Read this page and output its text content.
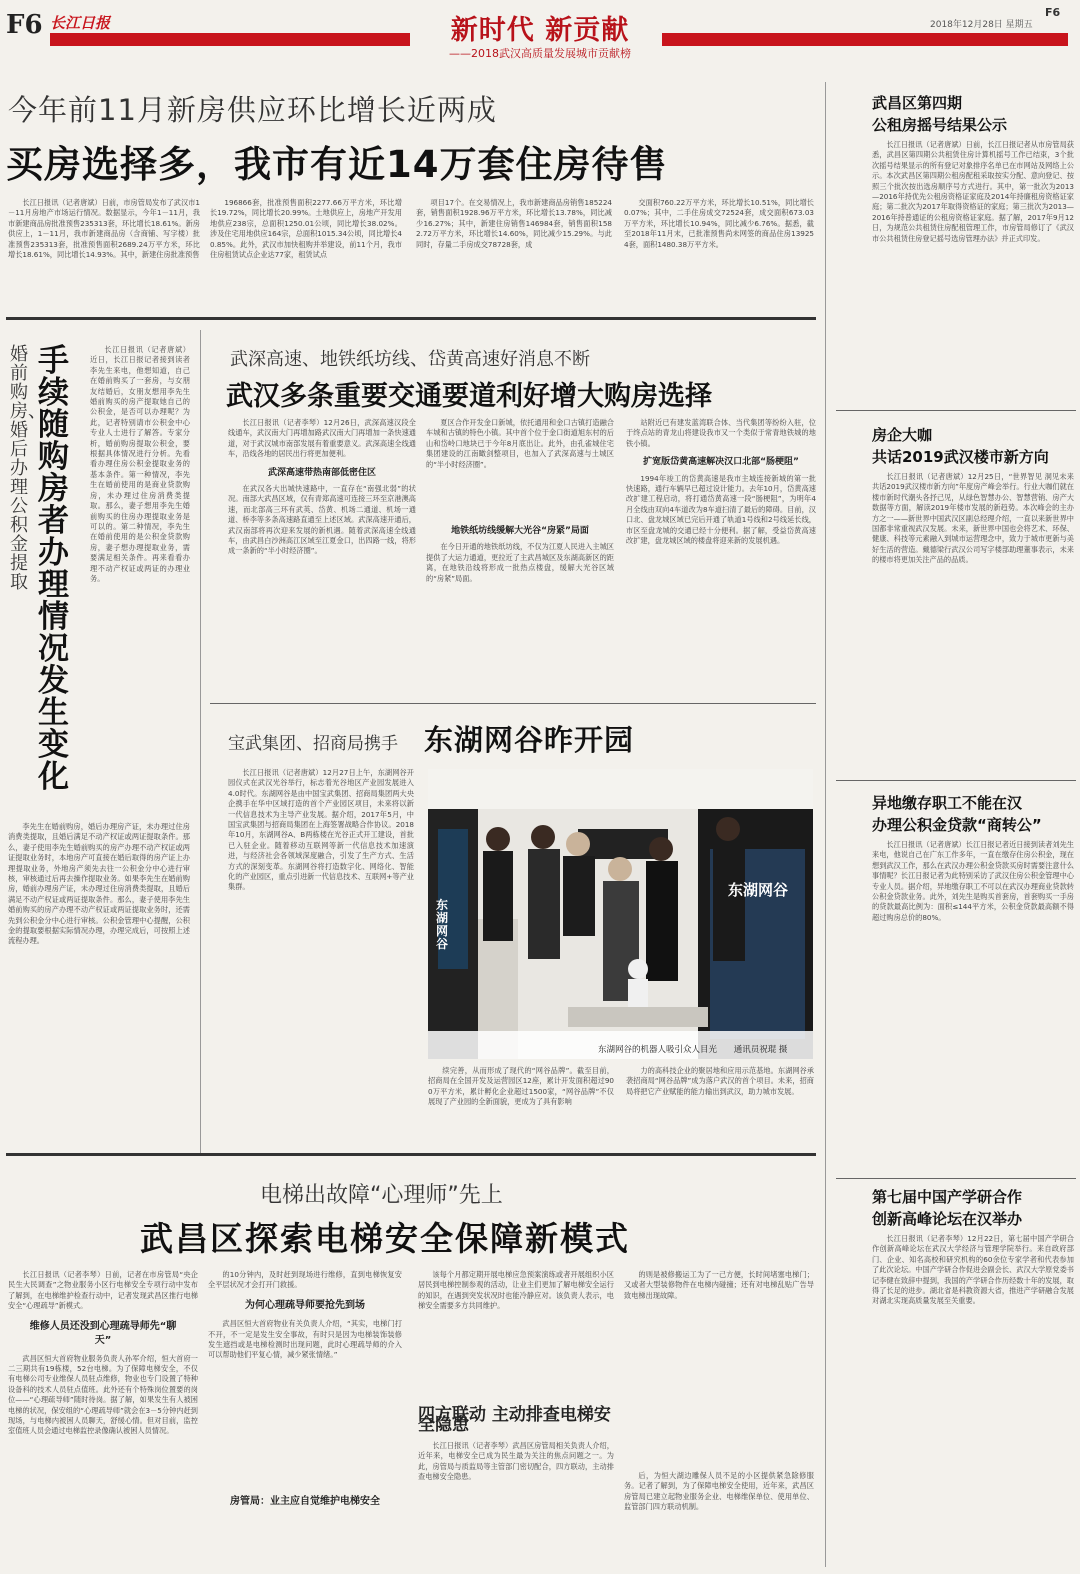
F6 长江日报	新时代 新贡献
——2018武汉高质量发展城市贡献榜
2018年12月28日 星期五
F6
今年前11月新房供应环比增长近两成
买房选择多，我市有近14万套住房待售

长江日报讯（记者唐斌）日前，市房管局发布了武汉市1－11月房地产市场运行情况。数据显示，今年1－11月，我市新建商品房批准预售235313套，环比增长18.61%。新房供应上，1－11月，我市新建商品房（含商铺、写字楼）批准预售235313套，批准预售面积2689.24万平方米，环比增长18.61%，同比增长14.93%。其中，新建住房批准预售

196866套，批准预售面积2277.66万平方米，环比增长19.72%，同比增长20.99%。土地供应上，房地产开发用地供应238宗，总面积1250.01公顷，同比增长38.02%。涉及住宅用地供应164宗，总面积1015.34公顷，同比增长40.85%。此外，武汉市加快租购并举建设，前11个月，我市住房租赁试点企业达77家，租赁试点

项目17个。在交易情况上，我市新建商品房销售185224套，销售面积1928.96万平方米，环比增长13.78%，同比减少16.27%；其中，新建住房销售146984套，销售面积1582.72万平方米，环比增长14.60%，同比减少15.29%。与此同时，存量二手房成交78728套，成

交面积760.22万平方米，环比增长10.51%，同比增长0.07%；其中，二手住房成交72524套，成交面积673.03万平方米，环比增长10.94%，同比减少6.76%。据悉，截至2018年11月末，已批准预售尚未网签的商品住房139254套，面积1480.38万平方米。

婚前购房、婚后办理公积金提取
手续随购房者办理情况发生变化

长江日报讯（记者唐斌）近日，长江日报记者接到读者李先生来电，他想知道，自己在婚前购买了一套房，与女朋友结婚后，女朋友想用李先生婚前购买的房产提取她自己的公积金，是否可以办理呢？为此，记者特别请市公积金中心专业人士进行了解答。专家分析，婚前购房提取公积金，要根据具体情况进行分析。先看看办理住房公积金提取业务的基本条件。第一种情况，李先生在婚前使用的是商业贷款购房，未办理过住房消费类提取。那么，妻子想用李先生婚前购买的住房办理提取业务是可以的。第二种情况，李先生在婚前使用的是公积金贷款购房，妻子想办理提取业务，需要满足相关条件。再来看看办理不动产权证或两证的办理业务。

李先生在婚前购房，婚后办理房产证，未办理过住房消费类提取，且婚后满足不动产权证或两证提取条件。那么，妻子使用李先生婚前购买的房产办理不动产权证或两证提取业务时，本地房产可直接在婚后取得的房产证上办理提取业务，外地房产须先去往一公积金分中心进行审核，审核通过后再去操作提取业务。如果李先生在婚前购房，婚前办理房产证，未办理过住房消费类提取，且婚后满足不动产权证或两证提取条件。那么，妻子使用李先生婚前购买的房产办理不动产权证或两证提取业务时，还需先到公积金分中心进行审核。公积金管理中心提醒，公积金的提取要根据实际情况办理，办理完成后，可按照上述流程办理。

武深高速、地铁纸坊线、岱黄高速好消息不断
武汉多条重要交通要道利好增大购房选择

长江日报讯（记者李琴）12月26日，武深高速汉段全线通车，武汉南大门再增加路武汉南大门再增加一条快速通道，对于武汉城市南部发展有着重要意义。武深高速全线通车，沿线各地的居民出行将更加便利。

武深高速带热南部低密住区

在武汉各大出城快速路中，一直存在“南强北弱”的状况。南部大武昌区域，仅有青郑高速可连接三环至京港澳高速，而北部高三环有武英、岱黄、机场二通道、机场一通道、桥李等多条高速路直通至上述区域。武深高速开通后，武汉南部将再次迎来发展的新机遇。随着武深高速全线通车，由武昌白沙洲高江区域至江夏金口，出四路一线，将形成一条新的“半小时经济圈”。

夏区合作开发金口新城，依托通用和金口古镇打造融合车城和古镇的特色小镇。其中首个位于金口街道旭东村的后山和岱岭口地块已于今年8月底出让。此外，由孔雀城住宅集团建设的江南瞰剑整项目，也加入了武深高速与土城区的“半小时经济圈”。

地铁纸坊线缓解大光谷“房紧”局面

在今日开通的地铁纸坊线，不仅为江夏人民进入主城区提供了大运力通道，更拉近了主武昌城区及东湖高新区的距离，在地铁沿线将形成一批热点楼盘，缓解大光谷区域的“房紧”局面。

站附近已有建发蓝湾联合体、当代集团等纷纷入驻，位于终点站的青龙山将建设我市又一个类似于常青地铁城的地铁小镇。

扩宽版岱黄高速解决汉口北部“肠梗阻”

1994年竣工的岱黄高速是我市主城连接新城的第一批快速路，通行车辆早已超过设计能力。去年10月，岱黄高速改扩建工程启动，将打通岱黄高速一段“肠梗阻”，为明年4月全线由双向4车道改为8车道扫清了最后的障碍。目前，汉口北、盘龙城区域已完后开通了轨道1号线和2号线延长线，市区至盘龙城的交通已经十分便利。据了解，受益岱黄高速改扩建，盘龙城区域的楼盘将迎来新的发展机遇。

宝武集团、招商局携手 东湖网谷昨开园

长江日报讯（记者唐斌）12月27日上午，东湖网谷开园仪式在武汉光谷举行，标志着光谷地区产业园发展进入4.0时代。东湖网谷是由中国宝武集团、招商局集团两大央企携手在华中区域打造的首个产业园区项目，未来将以新一代信息技术为主导产业发展。据介绍，2017年5月，中国宝武集团与招商局集团在上海签署战略合作协议。2018年10月，东湖网谷A、B两栋楼在光谷正式开工建设，首批已入驻企业。随着移动互联网等新一代信息技术加速演进，与经济社会各领域深度融合，引发了生产方式、生活方式的深刻变革。东湖网谷将打造数字化、网络化、智能化的产业园区，重点引进新一代信息技术、互联网+等产业集群。

东湖网谷
东湖网谷
东湖网谷的机器人吸引众人目光 通讯员祝琨 摄

续完善，从而形成了现代的“网谷品牌”。截至目前，招商局在全国开发及运营园区12座，累计开发面积超过900万平方米，累计孵化企业超过1500家，“网谷品牌”不仅展现了产业园的全新面貌，更成为了具有影响

力的高科技企业的聚居地和应用示范基地。东湖网谷承袭招商局“网谷品牌”成为落户武汉的首个项目。未来，招商局将把它产业赋能的能力输出到武汉，助力城市发展。

电梯出故障“心理师”先上
武昌区探索电梯安全保障新模式

长江日报讯（记者李琴）日前，记者在市房管局“央企民生大民调查”之物业服务小区行电梯安全专项行动中发布了解到，在电梯维护检查行动中，记者发现武昌区推行电梯安全“心理疏导”新模式。

维修人员还没到心理疏导师先“聊天”

武昌区恒大首府物业服务负责人孙军介绍，恒大首府一二三期共有19栋楼，52台电梯。为了保障电梯安全，不仅有电梯公司专业维保人员驻点维修，物业也专门设置了特种设备科的技术人员驻点值班。此外还有个特殊岗位置要的岗位——“心理疏导师”随时待岗。据了解，如果发生有人被困电梯的状况，保安组的“心理疏导师”就会在3－5分钟内赶到现场，与电梯内被困人员聊天，舒缓心情。但对目前，监控室值班人员会通过电梯监控录像确认被困人员情况。

的10分钟内，及时赶到现场进行维修，直到电梯恢复安全平层状况才会打开门救援。

为何心理疏导师要抢先到场

武昌区恒大首府物业有关负责人介绍，“其实，电梯门打不开，不一定是发生安全事故，有时只是因为电梯装饰装修发生遮挡或是电梯检测时出现问题，此时心理疏导师的介入可以帮助他们平复心情，减少紧张情绪。”

房管局：业主应自觉维护电梯安全

该每个月都定期开展电梯应急预案演练或者开展组织小区居民到电梯控制参观的活动，让业主们更加了解电梯安全运行的知识，在遇到突发状况时也能冷静应对。该负责人表示，电梯安全需要多方共同维护。

四方联动 主动排查电梯安全隐患

长江日报讯（记者李琴）武昌区房管局相关负责人介绍，近年来，电梯安全已成为民生最为关注的焦点问题之一。为此，房管局与质监局等主管部门密切配合，四方联动，主动排查电梯安全隐患。

的则是被修搬运工为了一己方便，长时间堵塞电梯门；又或者大型装修物件在电梯内碰撞；还有对电梯乱贴广告导致电梯出现故障。

后，为恒大湖边雕保人员不足的小区提供紧急除修服务。记者了解到，为了保障电梯安全使用，近年来，武昌区房管局已建立起物业服务企业、电梯维保单位、使用单位、监管部门四方联动机制。

武昌区第四期
公租房摇号结果公示

长江日报讯（记者唐斌）日前，长江日报记者从市房管局获悉，武昌区第四期公共租赁住房计算机摇号工作已结束，3个批次摇号结果显示的所有登记对象排序名单已在市网站及网络上公示。本次武昌区第四期公租房配租采取按实分配、意向登记、按照三个批次按出选房顺序号方式进行。其中，第一批次为2013—2016年持优先公租房资格证家庭及2014年持廉租房资格证家庭；第二批次为2017年取得资格证的家庭；第三批次为2013—2016年持普通证的公租房资格证家庭。据了解，2017年9月12日，为规范公共租赁住房配租管理工作，市房管局修订了《武汉市公共租赁住房登记摇号选房管理办法》并正式印发。

房企大咖
共话2019武汉楼市新方向

长江日报讯（记者唐斌）12月25日，“世界智见 洞见未来 共话2019武汉楼市新方向”年度房产峰会举行。行业大咖们就在楼市新时代潮头各抒己见，从绿色智慧办公、智慧营销、房产大数据等方面，解读2019年楼市发展的新趋势。本次峰会的主办方之一——新世界中国武汉区副总经理介绍，一直以来新世界中国都非常重视武汉发展。未来，新世界中国也会将艺术、环保、健康、科技等元素融入到城市运营理念中，致力于城市更新与美好生活的营造。戴德梁行武汉公司写字楼部助理董事表示，未来的楼市将更加关注产品的品质。

异地缴存职工不能在汉
办理公积金贷款“商转公”

长江日报讯（记者唐斌）长江日报记者近日接到读者刘先生来电，他说自己在广东工作多年，一直在缴存住房公积金，现在想到武汉工作，那么在武汉办理公积金贷款买房时需要注意什么事情呢？长江日报记者为此特别采访了武汉住房公积金管理中心专业人员。据介绍，异地缴存职工不可以在武汉办理商业贷款转公积金贷款业务。此外，刘先生是购买首套房，首套购买一手房的贷款最高比例为：面积≤144平方米，公积金贷款最高额不得超过购房总价的80%。

第七届中国产学研合作
创新高峰论坛在汉举办

长江日报讯（记者李琴）12月22日，第七届中国产学研合作创新高峰论坛在武汉大学经济与管理学院举行。来自政府部门、企业、知名高校和研究机构的60余位专家学者和代表参加了此次论坛。中国产学研合作促进会副会长、武汉大学原党委书记李健在致辞中提到，我国的产学研合作历经数十年的发展，取得了长足的进步。湖北省是科教资源大省，推进产学研融合发展对湖北实现高质量发展至关重要。
